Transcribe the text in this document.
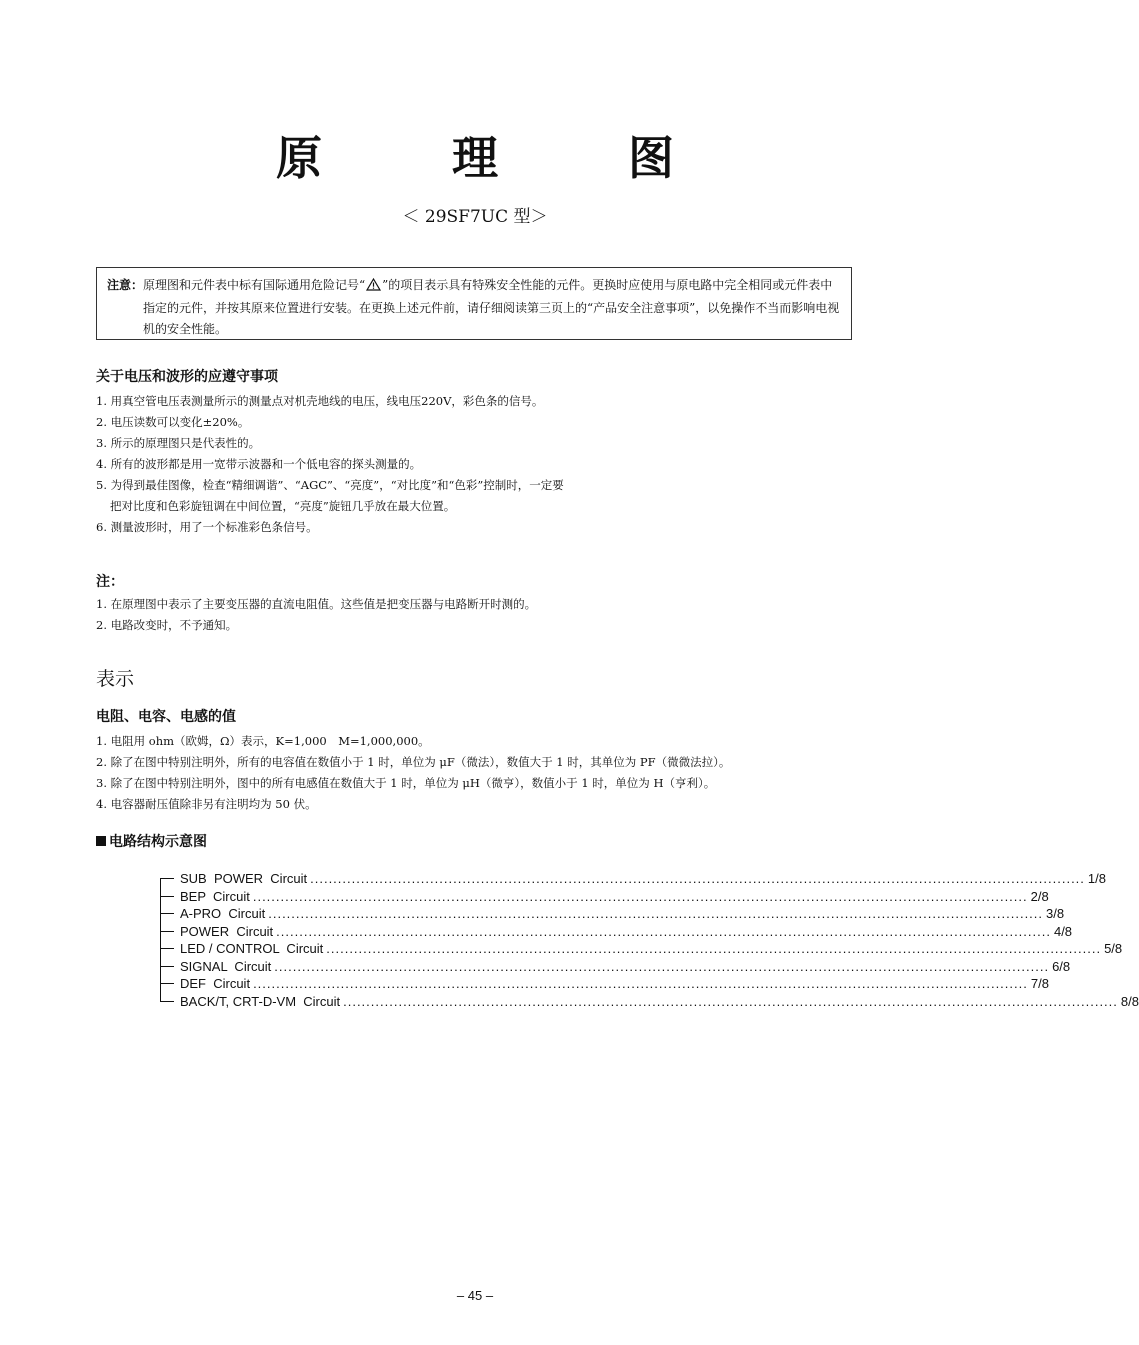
原　理　图
＜ 29SF7UC 型＞
注意： 原理图和元件表中标有国际通用危险记号“ ”的项目表示具有特殊安全性能的元件。更换时应使用与原电路中完全相同或元件表中指定的元件，并按其原来位置进行安装。在更换上述元件前，请仔细阅读第三页上的“产品安全注意事项”，以免操作不当而影响电视机的安全性能。
关于电压和波形的应遵守事项
1. 用真空管电压表测量所示的测量点对机壳地线的电压，线电压220V，彩色条的信号。
2. 电压读数可以变化±20%。
3. 所示的原理图只是代表性的。
4. 所有的波形都是用一宽带示波器和一个低电容的探头测量的。
5. 为得到最佳图像，检查“精细调谐”、“AGC”、“亮度”，“对比度”和“色彩”控制时，一定要
把对比度和色彩旋钮调在中间位置，“亮度”旋钮几乎放在最大位置。
6. 测量波形时，用了一个标准彩色条信号。
注：
1. 在原理图中表示了主要变压器的直流电阻值。这些值是把变压器与电路断开时测的。
2. 电路改变时，不予通知。
表示
电阻、电容、电感的值
1. 电阻用 ohm（欧姆，Ω）表示，K=1,000　M=1,000,000。
2. 除了在图中特别注明外，所有的电容值在数值小于 1 时，单位为 μF（微法），数值大于 1 时，其单位为 PF（微微法拉）。
3. 除了在图中特别注明外，图中的所有电感值在数值大于 1 时，单位为 μH（微亨），数值小于 1 时，单位为 H（亨利）。
4. 电容器耐压值除非另有注明均为 50 伏。
电路结构示意图
SUB  POWER  Circuit ........................................................................................................................................................................ 1/8
BEP  Circuit ........................................................................................................................................................................ 2/8
A-PRO  Circuit ........................................................................................................................................................................ 3/8
POWER  Circuit ........................................................................................................................................................................ 4/8
LED / CONTROL  Circuit ........................................................................................................................................................................ 5/8
SIGNAL  Circuit ........................................................................................................................................................................ 6/8
DEF  Circuit ........................................................................................................................................................................ 7/8
BACK/T, CRT-D-VM  Circuit ........................................................................................................................................................................ 8/8
– 45 –
